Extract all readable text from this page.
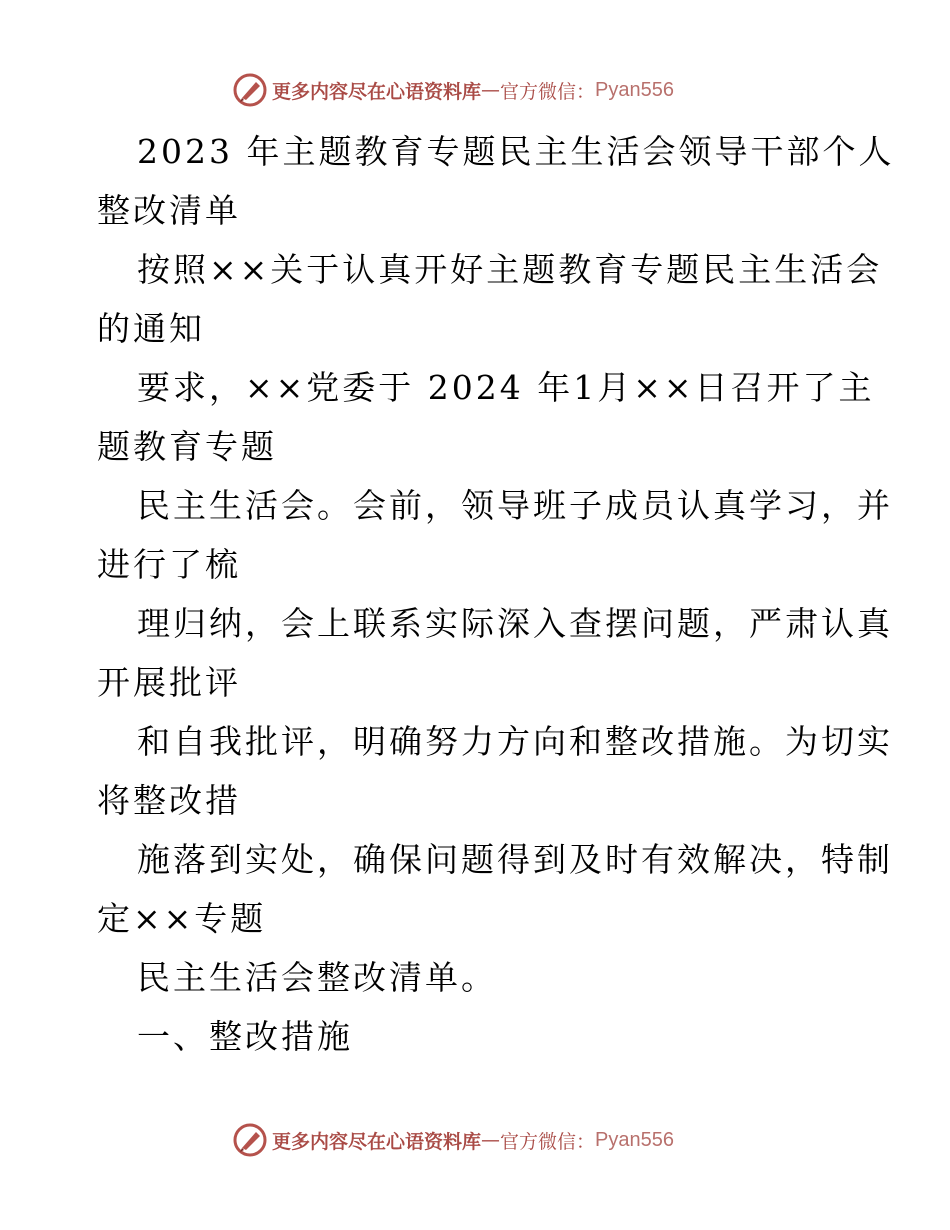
更多内容尽在心语资料库 — 官方微信： Pyan556
2023 年主题教育专题民主生活会领导干部个人
整改清单
按照××关于认真开好主题教育专题民主生活会
的通知
要求，××党委于 2024 年1月××日召开了主
题教育专题
民主生活会。会前，领导班子成员认真学习，并
进行了梳
理归纳，会上联系实际深入查摆问题，严肃认真
开展批评
和自我批评，明确努力方向和整改措施。为切实
将整改措
施落到实处，确保问题得到及时有效解决，特制
定××专题
民主生活会整改清单。
一、整改措施
更多内容尽在心语资料库 — 官方微信： Pyan556
